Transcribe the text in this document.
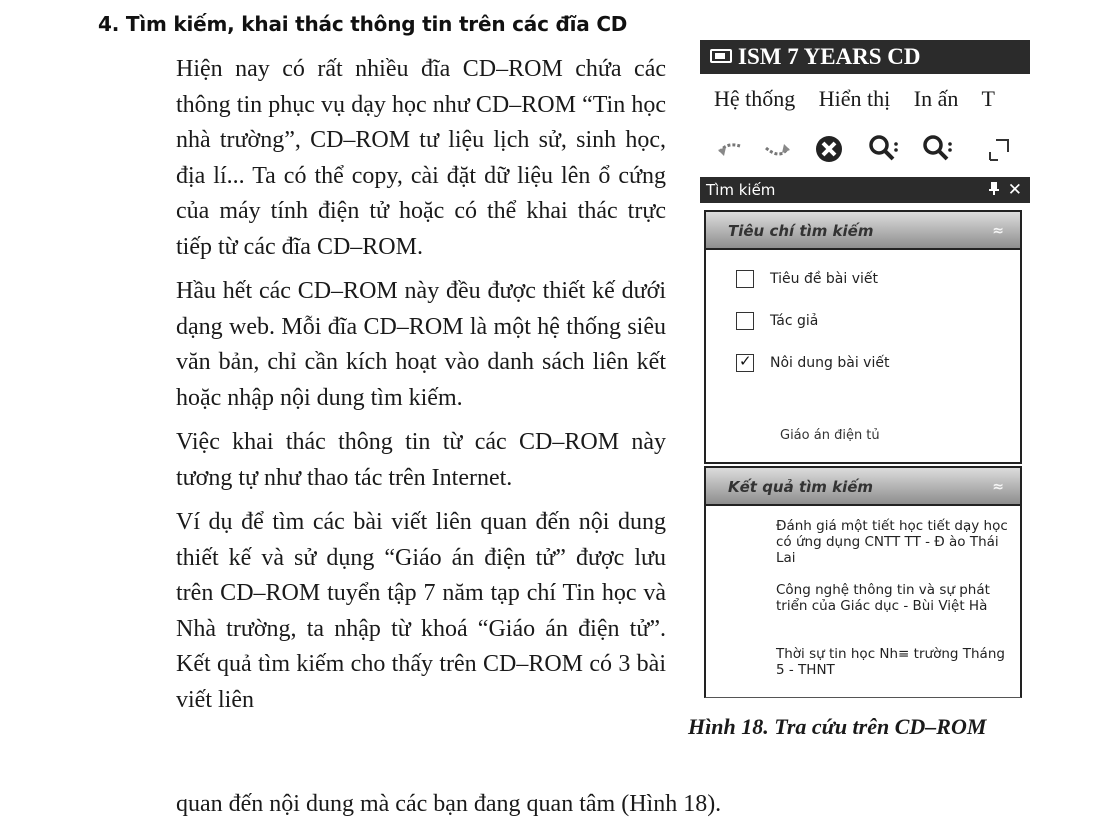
4. Tìm kiếm, khai thác thông tin trên các đĩa CD

Hiện nay có rất nhiều đĩa CD–ROM chứa các thông tin phục vụ dạy học như CD–ROM “Tin học nhà trường”, CD–ROM tư liệu lịch sử, sinh học, địa lí... Ta có thể copy, cài đặt dữ liệu lên ổ cứng của máy tính điện tử hoặc có thể khai thác trực tiếp từ các đĩa CD–ROM.

Hầu hết các CD–ROM này đều được thiết kế dưới dạng web. Mỗi đĩa CD–ROM là một hệ thống siêu văn bản, chỉ cần kích hoạt vào danh sách liên kết hoặc nhập nội dung tìm kiếm.

Việc khai thác thông tin từ các CD–ROM này tương tự như thao tác trên Internet.

Ví dụ để tìm các bài viết liên quan đến nội dung thiết kế và sử dụng “Giáo án điện tử” được lưu trên CD–ROM tuyển tập 7 năm tạp chí Tin học và Nhà trường, ta nhập từ khoá “Giáo án điện tử”. Kết quả tìm kiếm cho thấy trên CD–ROM có 3 bài viết liên

quan đến nội dung mà các bạn đang quan tâm (Hình 18).
ISM 7 YEARS CD
Hệ thống Hiển thị In ấn T
Tìm kiếm	✕
Tiêu chí tìm kiếm	≈
Tiêu đề bài viết
Tác giả
✓Nôi dung bài viết
Giáo án điện tủ
Kết quả tìm kiếm	≈
Đánh giá một tiết học tiết dạy học có ứng dụng CNTT TT - Đ ào Thái Lai
Công nghệ thông tin và sự phát triển của Giác dục - Bùi Việt Hà
Thời sự tin học Nh≡ trường Tháng 5 - THNT
Hình 18. Tra cứu trên CD–ROM
